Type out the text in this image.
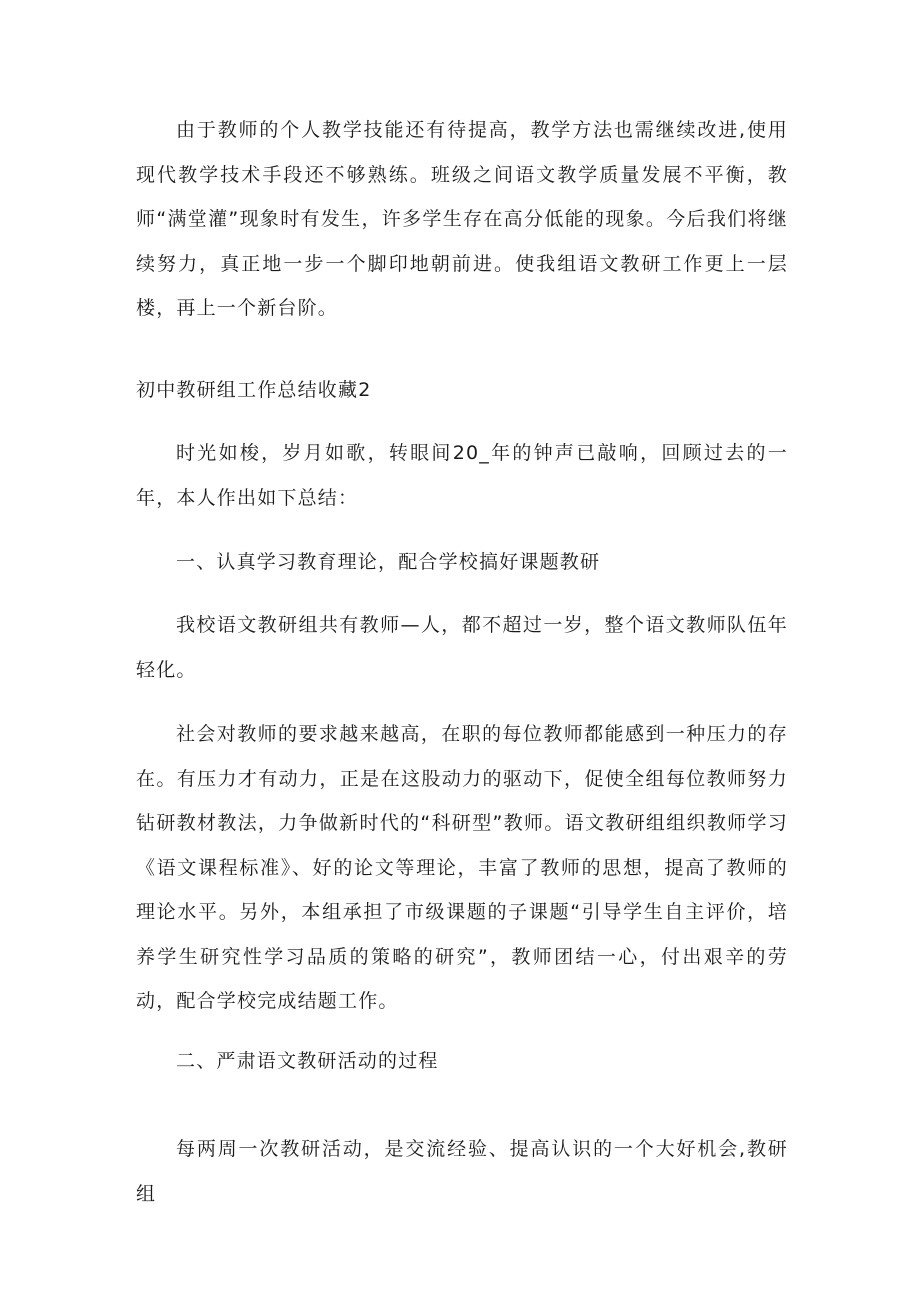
由于教师的个人教学技能还有待提高，教学方法也需继续改进,使用现代教学技术手段还不够熟练。班级之间语文教学质量发展不平衡，教师“满堂灌”现象时有发生，许多学生存在高分低能的现象。今后我们将继续努力，真正地一步一个脚印地朝前进。使我组语文教研工作更上一层楼，再上一个新台阶。

初中教研组工作总结收藏2

时光如梭，岁月如歌，转眼间20_年的钟声已敲响，回顾过去的一年，本人作出如下总结：

一、认真学习教育理论，配合学校搞好课题教研

我校语文教研组共有教师—人，都不超过一岁，整个语文教师队伍年轻化。

社会对教师的要求越来越高，在职的每位教师都能感到一种压力的存在。有压力才有动力，正是在这股动力的驱动下，促使全组每位教师努力钻研教材教法，力争做新时代的“科研型”教师。语文教研组组织教师学习《语文课程标准》、好的论文等理论，丰富了教师的思想，提高了教师的理论水平。另外，本组承担了市级课题的子课题“引导学生自主评价，培养学生研究性学习品质的策略的研究”，教师团结一心，付出艰辛的劳动，配合学校完成结题工作。

二、严肃语文教研活动的过程

每两周一次教研活动，是交流经验、提高认识的一个大好机会,教研组
